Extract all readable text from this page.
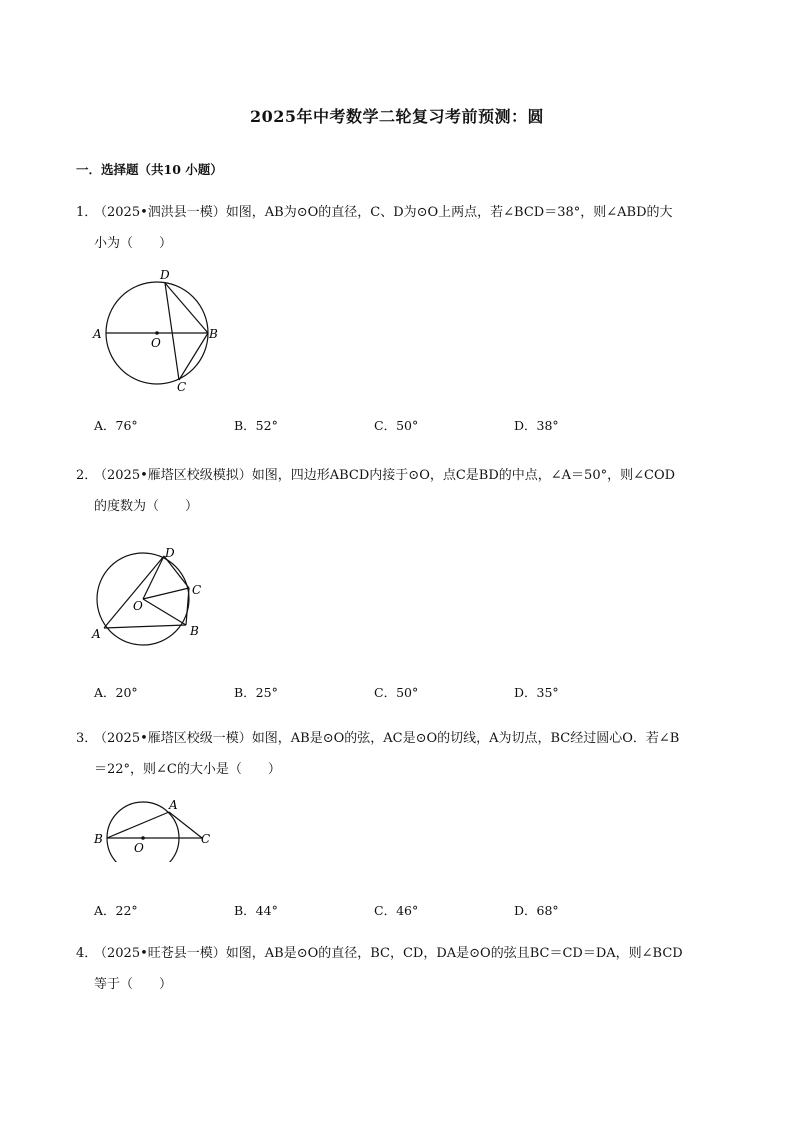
2025年中考数学二轮复习考前预测：圆
一．选择题（共10 小题）
1．（2025•泗洪县一模）如图，AB为⊙O的直径，C、D为⊙O上两点，若∠BCD＝38°，则∠ABD的大
小为（　　）
A	B
C
D
O
A．76°	B．52°	C．50°	D．38°
2．（2025•雁塔区校级模拟）如图，四边形ABCD内接于⊙O，点C是BD的中点，∠A＝50°，则∠COD
的度数为（　　）
A	B
C
D
O
A．20°	B．25°	C．50°	D．35°
3．（2025•雁塔区校级一模）如图，AB是⊙O的弦，AC是⊙O的切线，A为切点，BC经过圆心O．若∠B
＝22°，则∠C的大小是（　　）
B
A
C
O
A．22°	B．44°	C．46°	D．68°
4．（2025•旺苍县一模）如图，AB是⊙O的直径，BC，CD，DA是⊙O的弦且BC＝CD＝DA，则∠BCD
等于（　　）
